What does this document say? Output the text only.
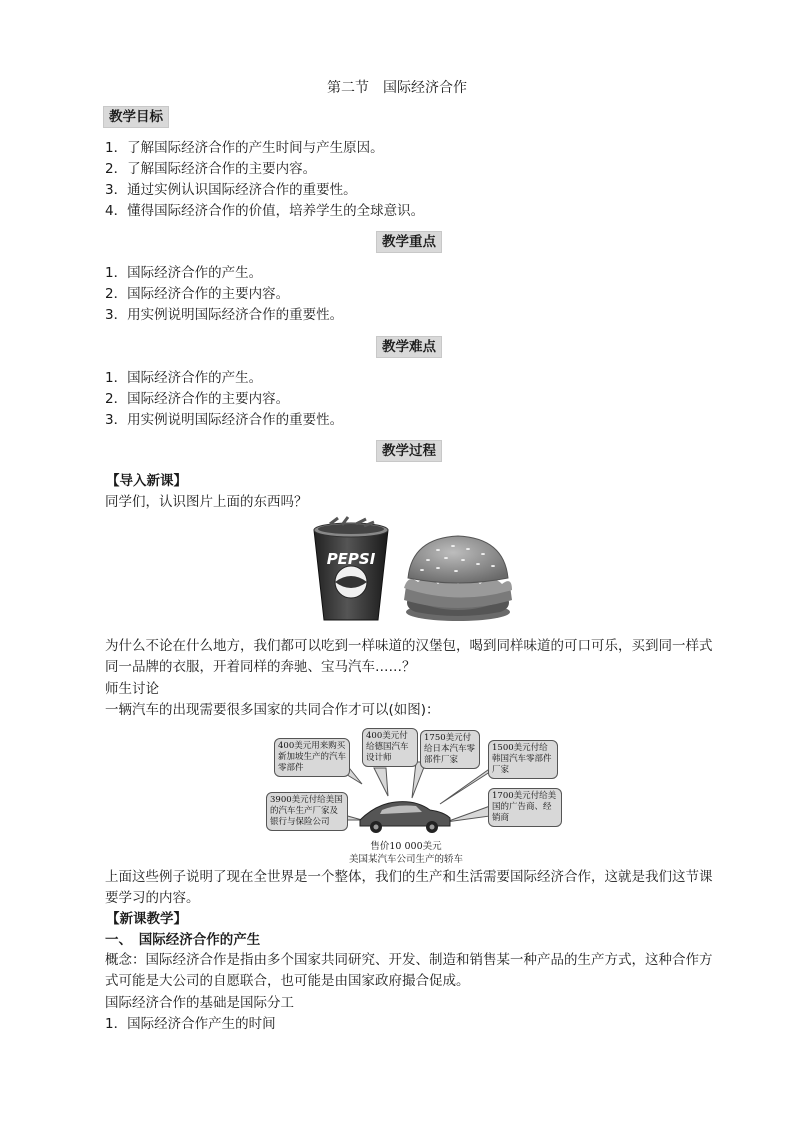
第二节　国际经济合作
教学目标
1．了解国际经济合作的产生时间与产生原因。
2．了解国际经济合作的主要内容。
3．通过实例认识国际经济合作的重要性。
4．懂得国际经济合作的价值，培养学生的全球意识。
教学重点
1．国际经济合作的产生。
2．国际经济合作的主要内容。
3．用实例说明国际经济合作的重要性。
教学难点
1．国际经济合作的产生。
2．国际经济合作的主要内容。
3．用实例说明国际经济合作的重要性。
教学过程
【导入新课】
同学们，认识图片上面的东西吗？
PEPSI
为什么不论在什么地方，我们都可以吃到一样味道的汉堡包，喝到同样味道的可口可乐，买到同一样式同一品牌的衣服，开着同样的奔驰、宝马汽车……？
师生讨论
一辆汽车的出现需要很多国家的共同合作才可以(如图)：
400美元用来购买新加坡生产的汽车零部件
400美元付给德国汽车设计师
1750美元付给日本汽车零部件厂家
1500美元付给韩国汽车零部件厂家
3900美元付给美国的汽车生产厂家及银行与保险公司
1700美元付给美国的广告商、经销商
售价10 000美元
美国某汽车公司生产的轿车
上面这些例子说明了现在全世界是一个整体，我们的生产和生活需要国际经济合作，这就是我们这节课要学习的内容。
【新课教学】
一、　国际经济合作的产生
概念：国际经济合作是指由多个国家共同研究、开发、制造和销售某一种产品的生产方式，这种合作方式可能是大公司的自愿联合，也可能是由国家政府撮合促成。
国际经济合作的基础是国际分工
1．国际经济合作产生的时间
